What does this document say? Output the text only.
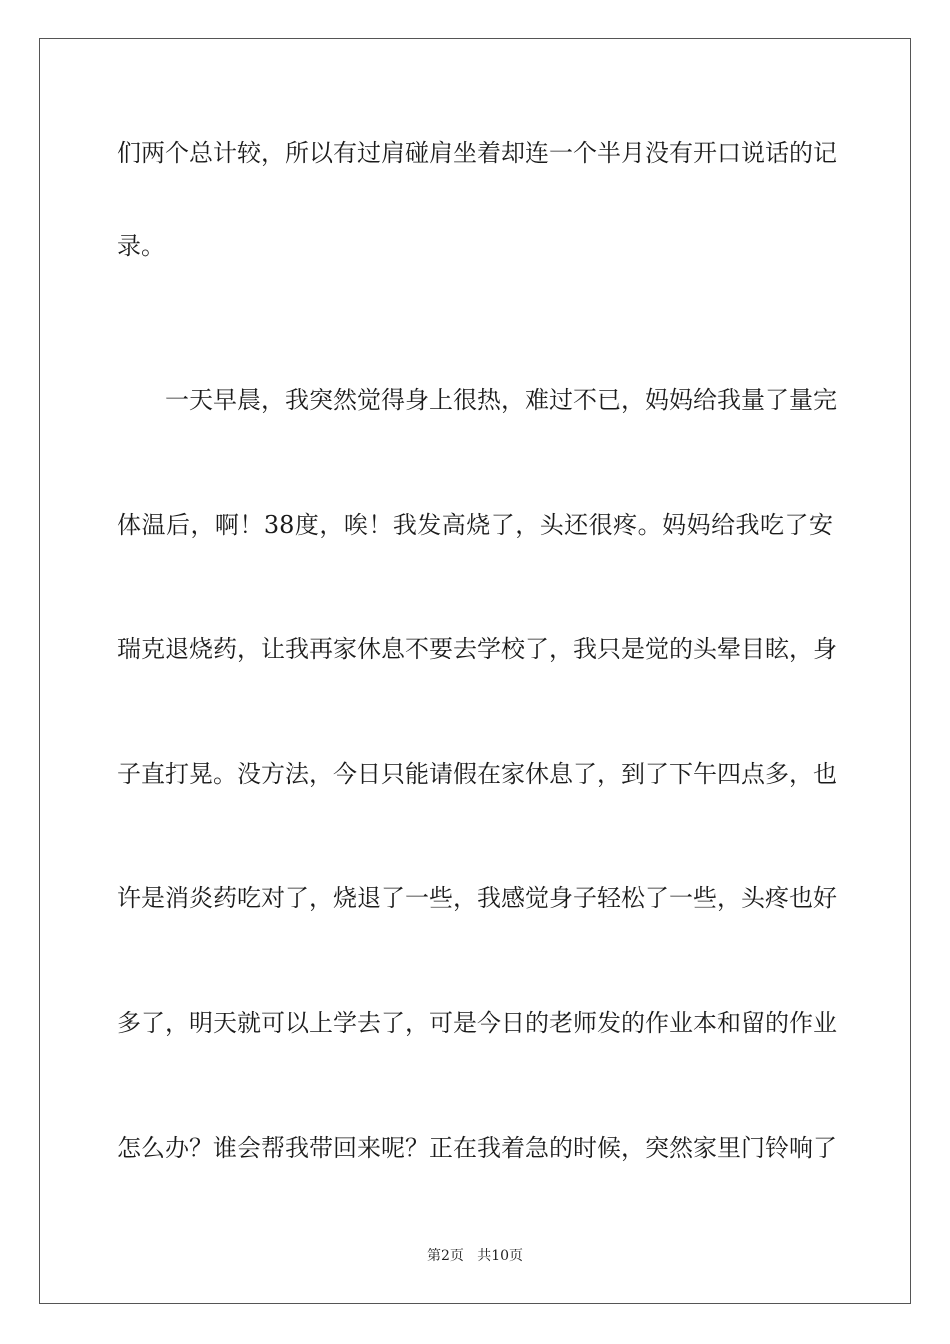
们两个总计较，所以有过肩碰肩坐着却连一个半月没有开口说话的记
录。
一天早晨，我突然觉得身上很热，难过不已，妈妈给我量了量完
体温后，啊！38度，唉！我发高烧了，头还很疼。妈妈给我吃了安
瑞克退烧药，让我再家休息不要去学校了，我只是觉的头晕目眩，身
子直打晃。没方法，今日只能请假在家休息了，到了下午四点多，也
许是消炎药吃对了，烧退了一些，我感觉身子轻松了一些，头疼也好
多了，明天就可以上学去了，可是今日的老师发的作业本和留的作业
怎么办？谁会帮我带回来呢？正在我着急的时候，突然家里门铃响了
第2页   共10页
